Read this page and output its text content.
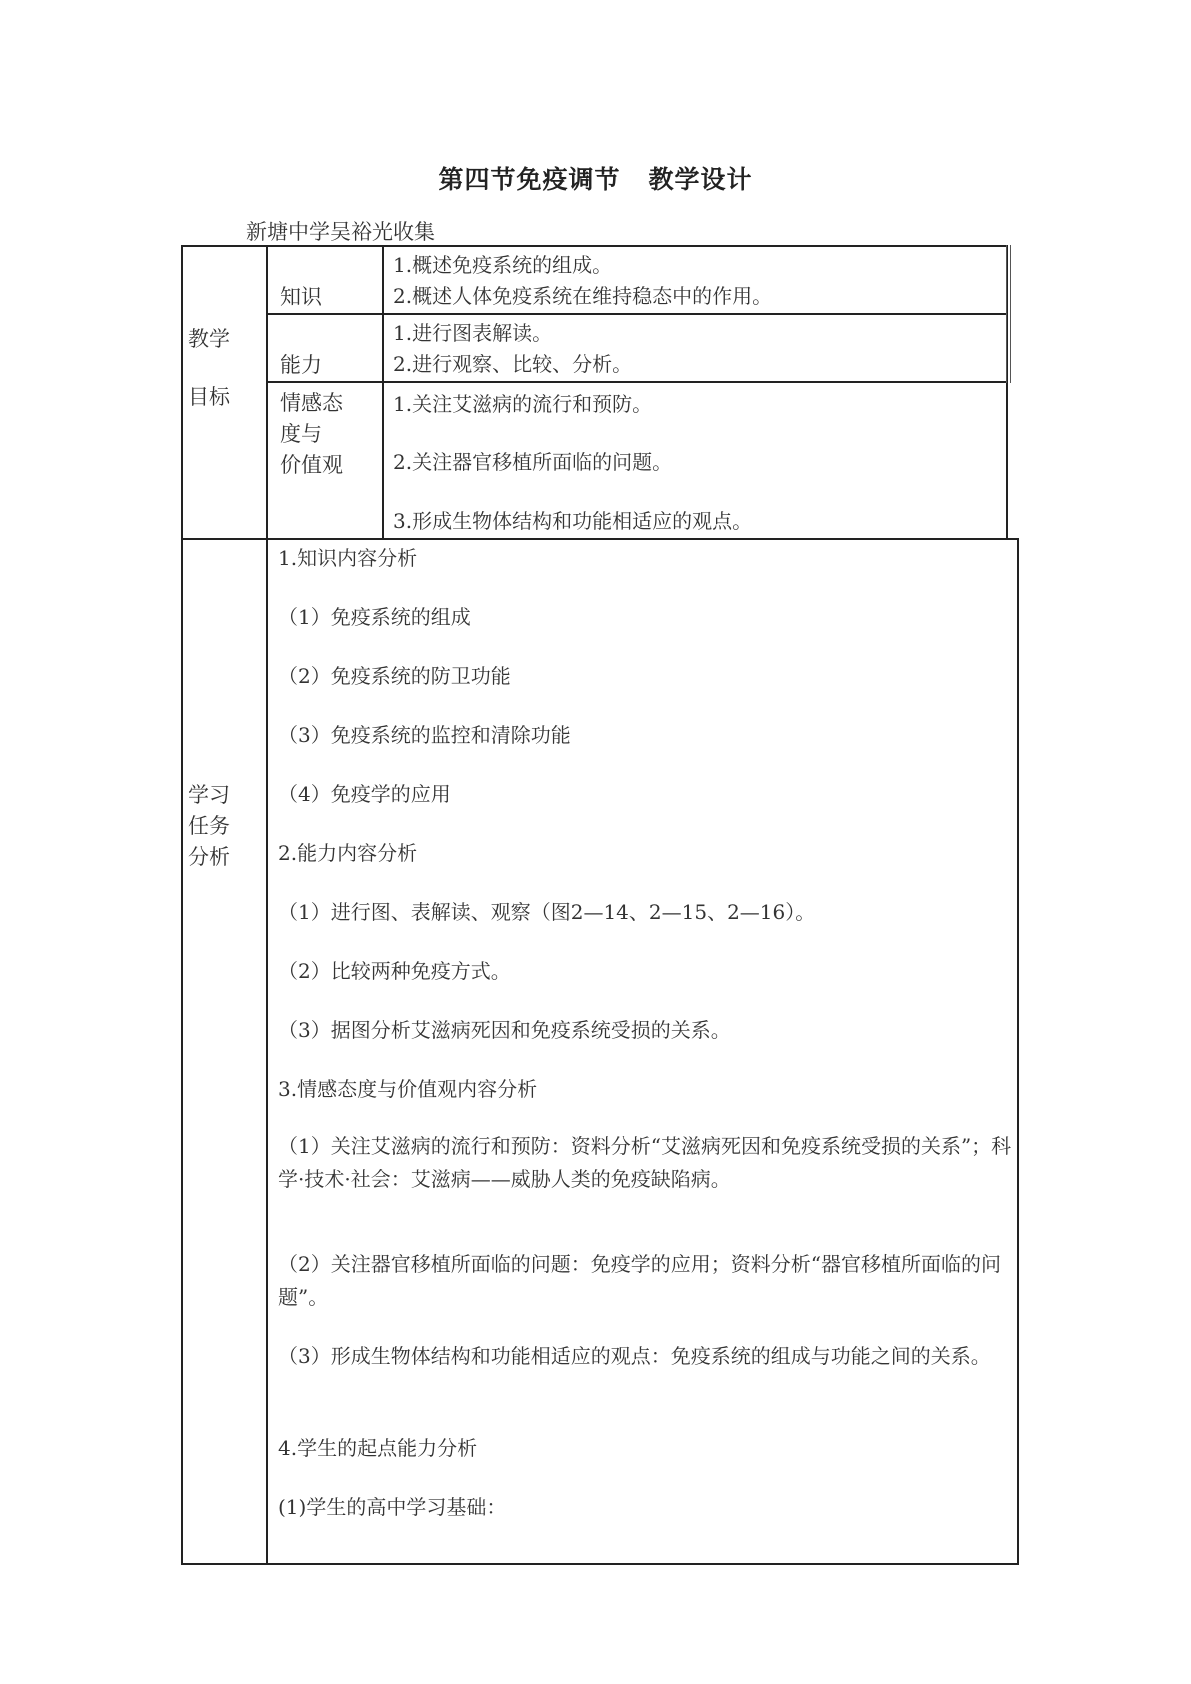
第四节免疫调节 教学设计
新塘中学吴裕光收集
教学
目标
知识
1.概述免疫系统的组成。
2.概述人体免疫系统在维持稳态中的作用。
能力
1.进行图表解读。
2.进行观察、比较、分析。
情感态
度与
价值观
1.关注艾滋病的流行和预防。
2.关注器官移植所面临的问题。
3.形成生物体结构和功能相适应的观点。
学习
任务
分析
1.知识内容分析
（1）免疫系统的组成
（2）免疫系统的防卫功能
（3）免疫系统的监控和清除功能
（4）免疫学的应用
2.能力内容分析
（1）进行图、表解读、观察（图2—14、2—15、2—16）。
（2）比较两种免疫方式。
（3）据图分析艾滋病死因和免疫系统受损的关系。
3.情感态度与价值观内容分析
（1）关注艾滋病的流行和预防：资料分析“艾滋病死因和免疫系统受损的关系”；科学·技术·社会：艾滋病——威胁人类的免疫缺陷病。
（2）关注器官移植所面临的问题：免疫学的应用；资料分析“器官移植所面临的问题”。
（3）形成生物体结构和功能相适应的观点：免疫系统的组成与功能之间的关系。
4.学生的起点能力分析
(1)学生的高中学习基础：
